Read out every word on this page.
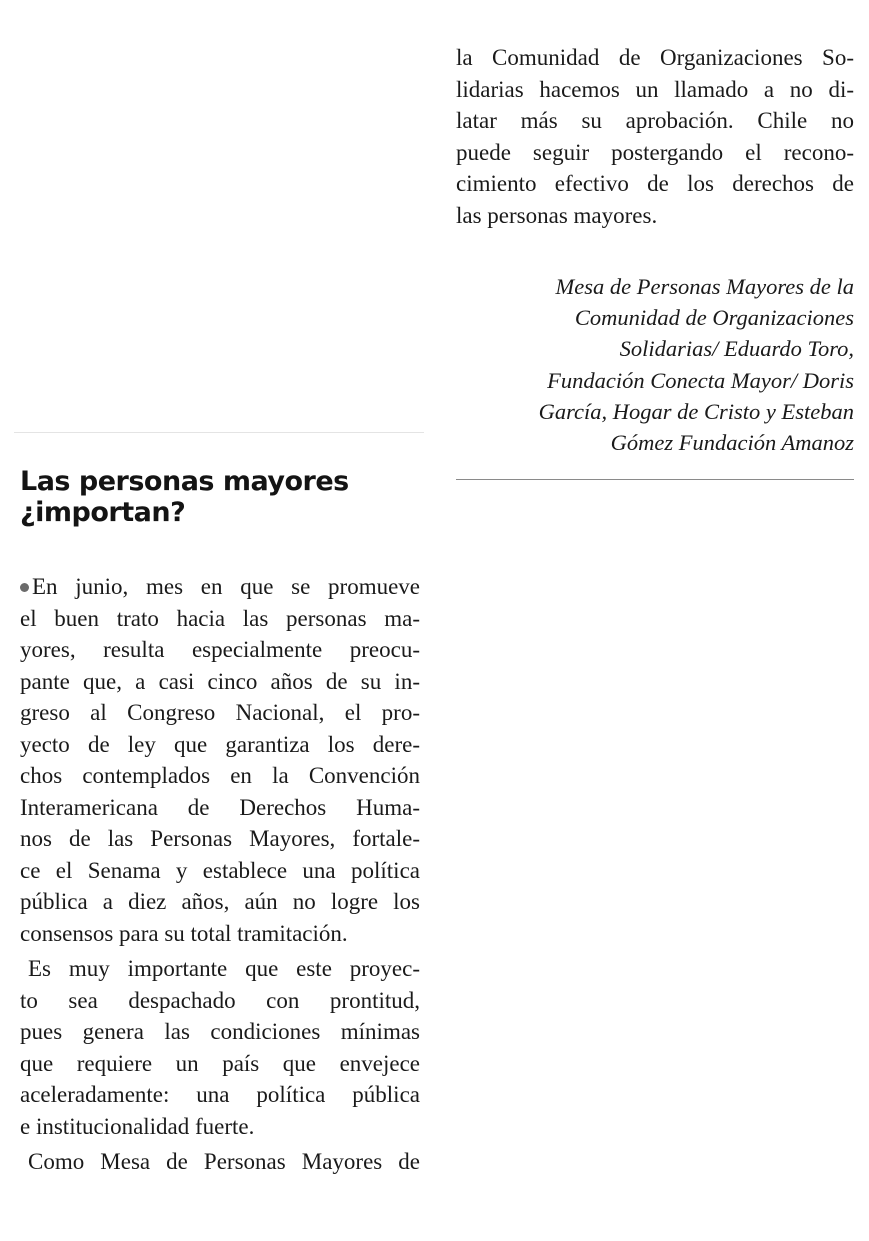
la Comunidad de Organizaciones So-
lidarias hacemos un llamado a no di-
latar más su aprobación. Chile no
puede seguir postergando el recono-
cimiento efectivo de los derechos de
las personas mayores.
Mesa de Personas Mayores de la
Comunidad de Organizaciones
Solidarias/ Eduardo Toro,
Fundación Conecta Mayor/ Doris
García, Hogar de Cristo y Esteban
Gómez Fundación Amanoz
Las personas mayores
¿importan?
En junio, mes en que se promueve
el buen trato hacia las personas ma-
yores, resulta especialmente preocu-
pante que, a casi cinco años de su in-
greso al Congreso Nacional, el pro-
yecto de ley que garantiza los dere-
chos contemplados en la Convención
Interamericana de Derechos Huma-
nos de las Personas Mayores, fortale-
ce el Senama y establece una política
pública a diez años, aún no logre los
consensos para su total tramitación.
Es muy importante que este proyec-
to sea despachado con prontitud,
pues genera las condiciones mínimas
que requiere un país que envejece
aceleradamente: una política pública
e institucionalidad fuerte.
Como Mesa de Personas Mayores de
